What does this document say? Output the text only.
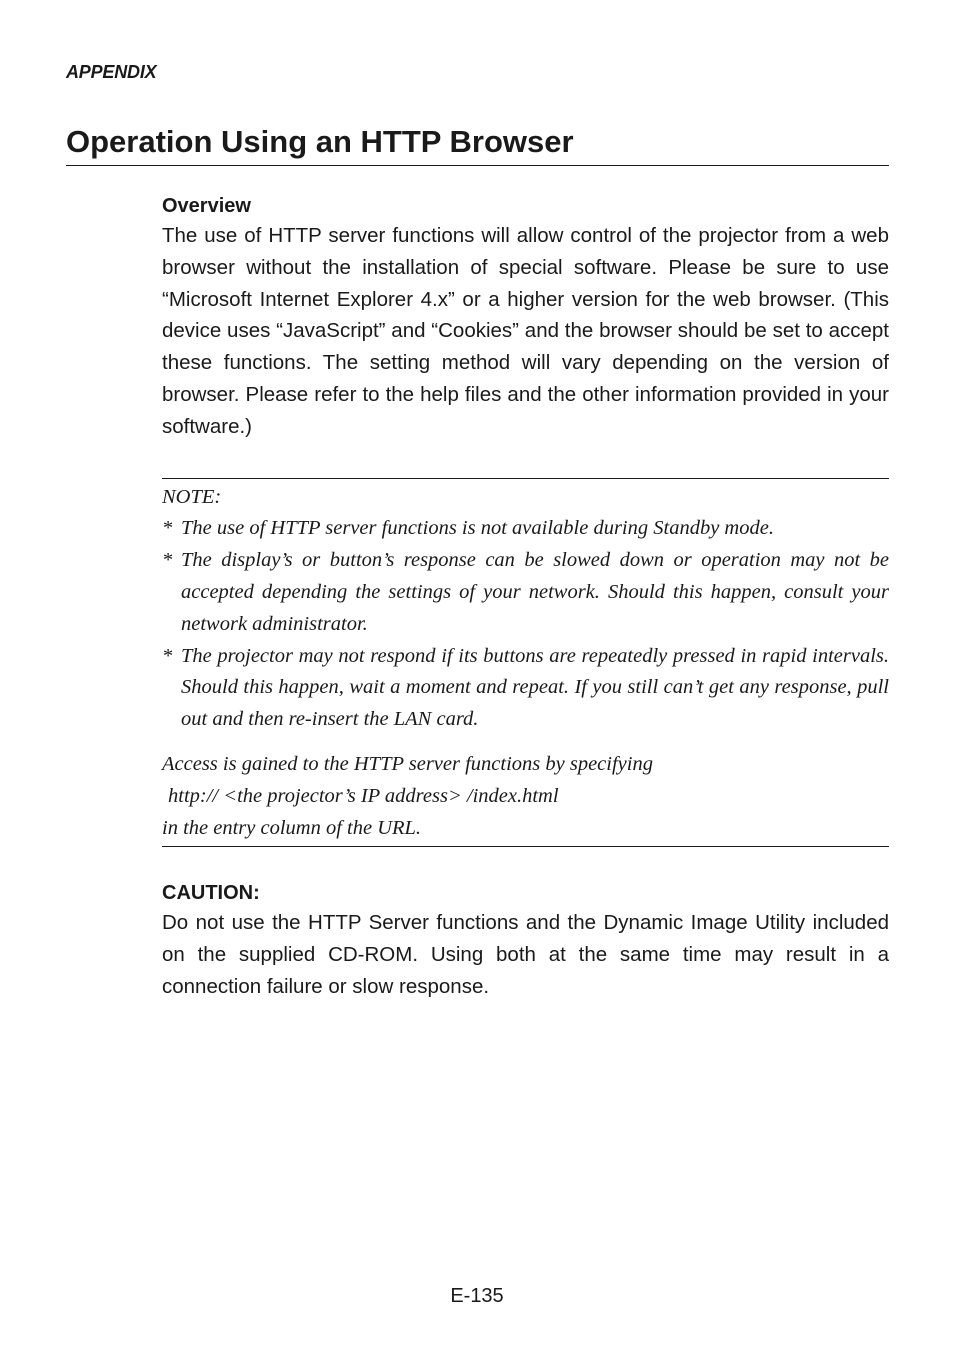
APPENDIX
Operation Using an HTTP Browser

Overview

The use of HTTP server functions will allow control of the projector from a web browser without the installation of special software. Please be sure to use “Microsoft Internet Explorer 4.x” or a higher version for the web browser. (This device uses “JavaScript” and “Cookies” and the browser should be set to accept these functions. The setting method will vary depending on the version of browser. Please refer to the help files and the other information provided in your software.)

NOTE:

* The use of HTTP server functions is not available during Standby mode.
* The display’s or button’s response can be slowed down or operation may not be accepted depending the settings of your network. Should this happen, consult your network administrator.
* The projector may not respond if its buttons are repeatedly pressed in rapid intervals. Should this happen, wait a moment and repeat. If you still can’t get any response, pull out and then re-insert the LAN card.

Access is gained to the HTTP server functions by specifying

http:// <the projector’s IP address> /index.html

in the entry column of the URL.

CAUTION:

Do not use the HTTP Server functions and the Dynamic Image Utility included on the supplied CD-ROM. Using both at the same time may result in a connection failure or slow response.

E-135
